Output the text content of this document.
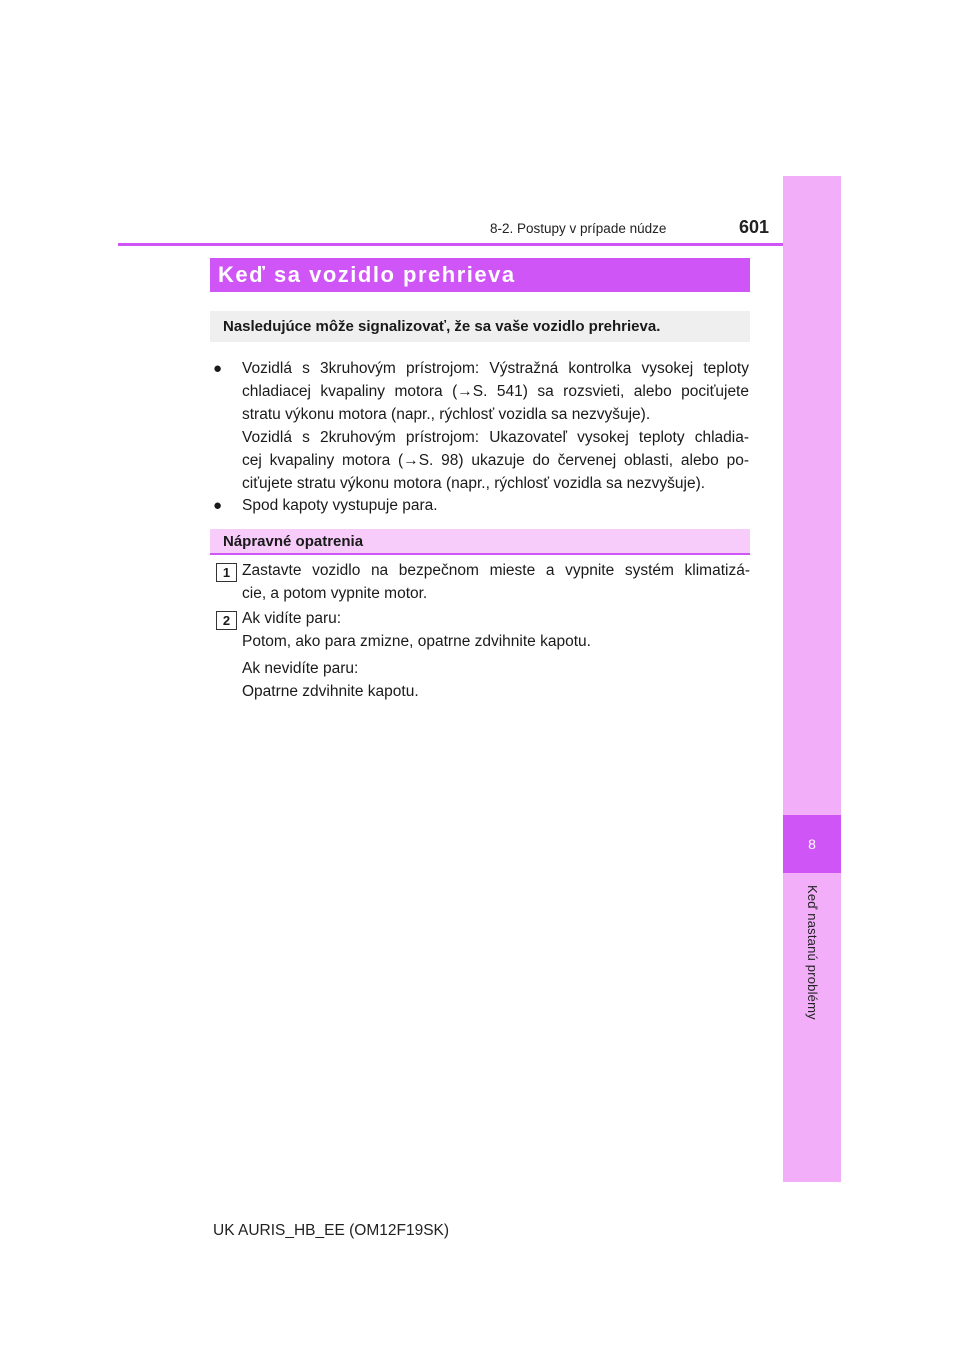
8
Keď nastanú problémy
8-2. Postupy v prípade núdze	601
Keď sa vozidlo prehrieva
Nasledujúce môže signalizovať, že sa vaše vozidlo prehrieva.
● Vozidlá s 3kruhovým prístrojom: Výstražná kontrolka vysokej teploty
chladiacej kvapaliny motora (→S. 541) sa rozsvieti, alebo pociťujete
stratu výkonu motora (napr., rýchlosť vozidla sa nezvyšuje).
Vozidlá s 2kruhovým prístrojom: Ukazovateľ vysokej teploty chladia-
cej kvapaliny motora (→S. 98) ukazuje do červenej oblasti, alebo po-
ciťujete stratu výkonu motora (napr., rýchlosť vozidla sa nezvyšuje).
● Spod kapoty vystupuje para.
Nápravné opatrenia
1 Zastavte vozidlo na bezpečnom mieste a vypnite systém klimatizá-
cie, a potom vypnite motor.
2 Ak vidíte paru:
Potom, ako para zmizne, opatrne zdvihnite kapotu.
Ak nevidíte paru:
Opatrne zdvihnite kapotu.
UK AURIS_HB_EE (OM12F19SK)
